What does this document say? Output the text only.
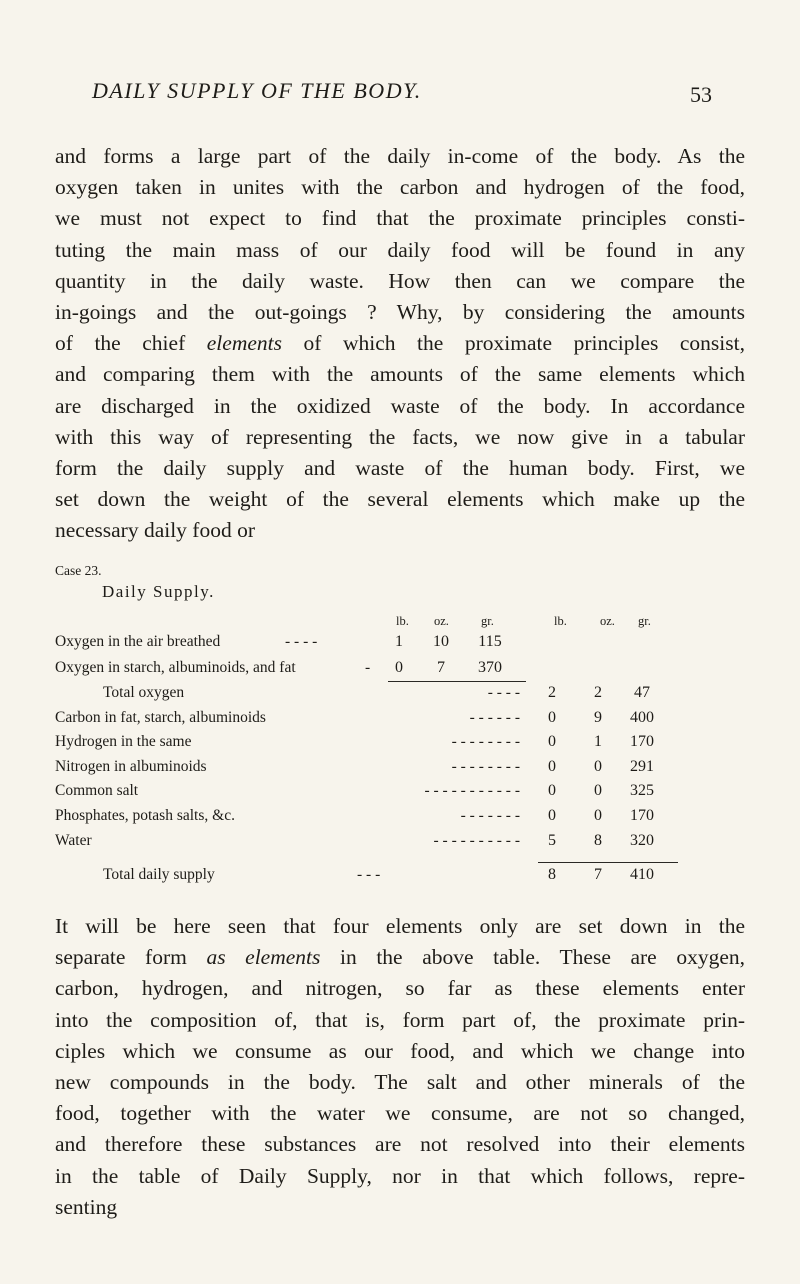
DAILY SUPPLY OF THE BODY.	53

and forms a large part of the daily in-come of the body. As the
oxygen taken in unites with the carbon and hydrogen of the food,
we must not expect to find that the proximate principles consti-
tuting the main mass of our daily food will be found in any
quantity in the daily waste. How then can we compare the
in-goings and the out-goings ? Why, by considering the amounts
of the chief elements of which the proximate principles consist,
and comparing them with the amounts of the same elements which
are discharged in the oxidized waste of the body. In accordance
with this way of representing the facts, we now give in a tabular
form the daily supply and waste of the human body. First, we
set down the weight of the several elements which make up the
necessary daily food or

Case 23.
Daily Supply.
lb. oz.	gr.	lb.	oz. gr.
Oxygen in the air breathed	- - - -	1	10	115
Oxygen in starch, albuminoids, and fat	-	0	7	370
Total oxygen	- - - -	2	2	47
Carbon in fat, starch, albuminoids	- - - - - -	0	9	400
Hydrogen in the same	- - - - - - - -	0	1	170
Nitrogen in albuminoids	- - - - - - - -	0	0	291
Common salt	- - - - - - - - - - -	0	0	325
Phosphates, potash salts, &c.	- - - - - - -	0	0	170
Water	- - - - - - - - - -	5	8	320
Total daily supply	- - -	8	7	410

It will be here seen that four elements only are set down in the
separate form as elements in the above table. These are oxygen,
carbon, hydrogen, and nitrogen, so far as these elements enter
into the composition of, that is, form part of, the proximate prin-
ciples which we consume as our food, and which we change into
new compounds in the body. The salt and other minerals of the
food, together with the water we consume, are not so changed,
and therefore these substances are not resolved into their elements
in the table of Daily Supply, nor in that which follows, repre-
senting
